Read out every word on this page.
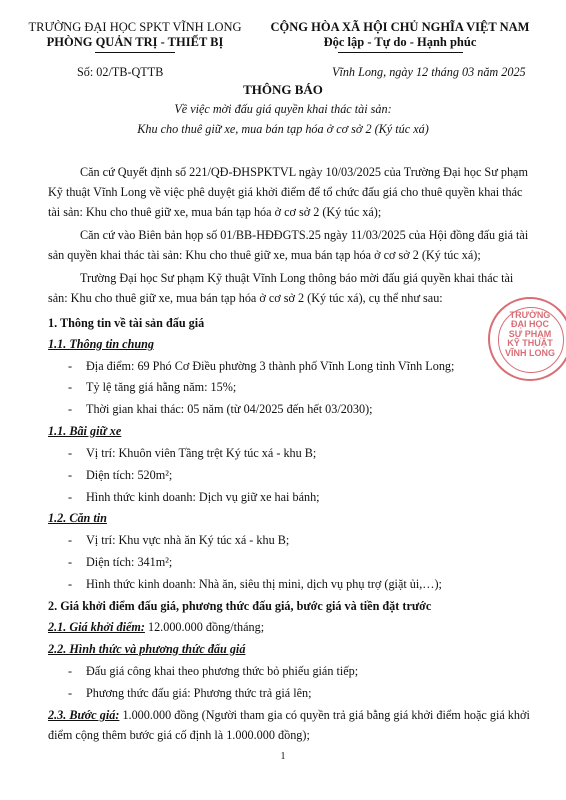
TRƯỜNG ĐẠI HỌC SPKT VĨNH LONG
PHÒNG QUẢN TRỊ - THIẾT BỊ
CỘNG HÒA XÃ HỘI CHỦ NGHĨA VIỆT NAM
Độc lập - Tự do - Hạnh phúc
Số: 02/TB-QTTB	Vĩnh Long, ngày 12 tháng 03 năm 2025
THÔNG BÁO
Về việc mời đấu giá quyền khai thác tài sản:
Khu cho thuê giữ xe, mua bán tạp hóa ở cơ sở 2 (Ký túc xá)
Căn cứ Quyết định số 221/QĐ-ĐHSPKTVL ngày 10/03/2025 của Trường Đại học Sư phạm
Kỹ thuật Vĩnh Long về việc phê duyệt giá khởi điểm để tổ chức đấu giá cho thuê quyền khai thác
tài sản: Khu cho thuê giữ xe, mua bán tạp hóa ở cơ sở 2 (Ký túc xá);
Căn cứ vào Biên bản họp số 01/BB-HĐĐGTS.25 ngày 11/03/2025 của Hội đồng đấu giá tài
sản quyền khai thác tài sản: Khu cho thuê giữ xe, mua bán tạp hóa ở cơ sở 2 (Ký túc xá);
Trường Đại học Sư phạm Kỹ thuật Vĩnh Long thông báo mời đấu giá quyền khai thác tài
sản: Khu cho thuê giữ xe, mua bán tạp hóa ở cơ sở 2 (Ký túc xá), cụ thể như sau:
1. Thông tin về tài sản đấu giá
1.1. Thông tin chung
- Địa điểm: 69 Phó Cơ Điều phường 3 thành phố Vĩnh Long tỉnh Vĩnh Long;
- Tỷ lệ tăng giá hằng năm: 15%;
- Thời gian khai thác: 05 năm (từ 04/2025 đến hết 03/2030);
1.1. Bãi giữ xe
- Vị trí: Khuôn viên Tầng trệt Ký túc xá - khu B;
- Diện tích: 520m²;
- Hình thức kinh doanh: Dịch vụ giữ xe hai bánh;
1.2. Căn tin
- Vị trí: Khu vực nhà ăn Ký túc xá - khu B;
- Diện tích: 341m²;
- Hình thức kinh doanh: Nhà ăn, siêu thị mini, dịch vụ phụ trợ (giặt ủi,…);
2. Giá khởi điểm đấu giá, phương thức đấu giá, bước giá và tiền đặt trước
2.1. Giá khởi điểm: 12.000.000 đồng/tháng;
2.2. Hình thức và phương thức đấu giá
- Đấu giá công khai theo phương thức bỏ phiếu gián tiếp;
- Phương thức đấu giá: Phương thức trả giá lên;
2.3. Bước giá: 1.000.000 đồng (Người tham gia có quyền trả giá bằng giá khởi điểm hoặc giá khởi
điểm cộng thêm bước giá cố định là 1.000.000 đồng);
1
TRƯỜNG
ĐẠI HỌC
SƯ PHẠM
KỸ THUẬT
VĨNH LONG
